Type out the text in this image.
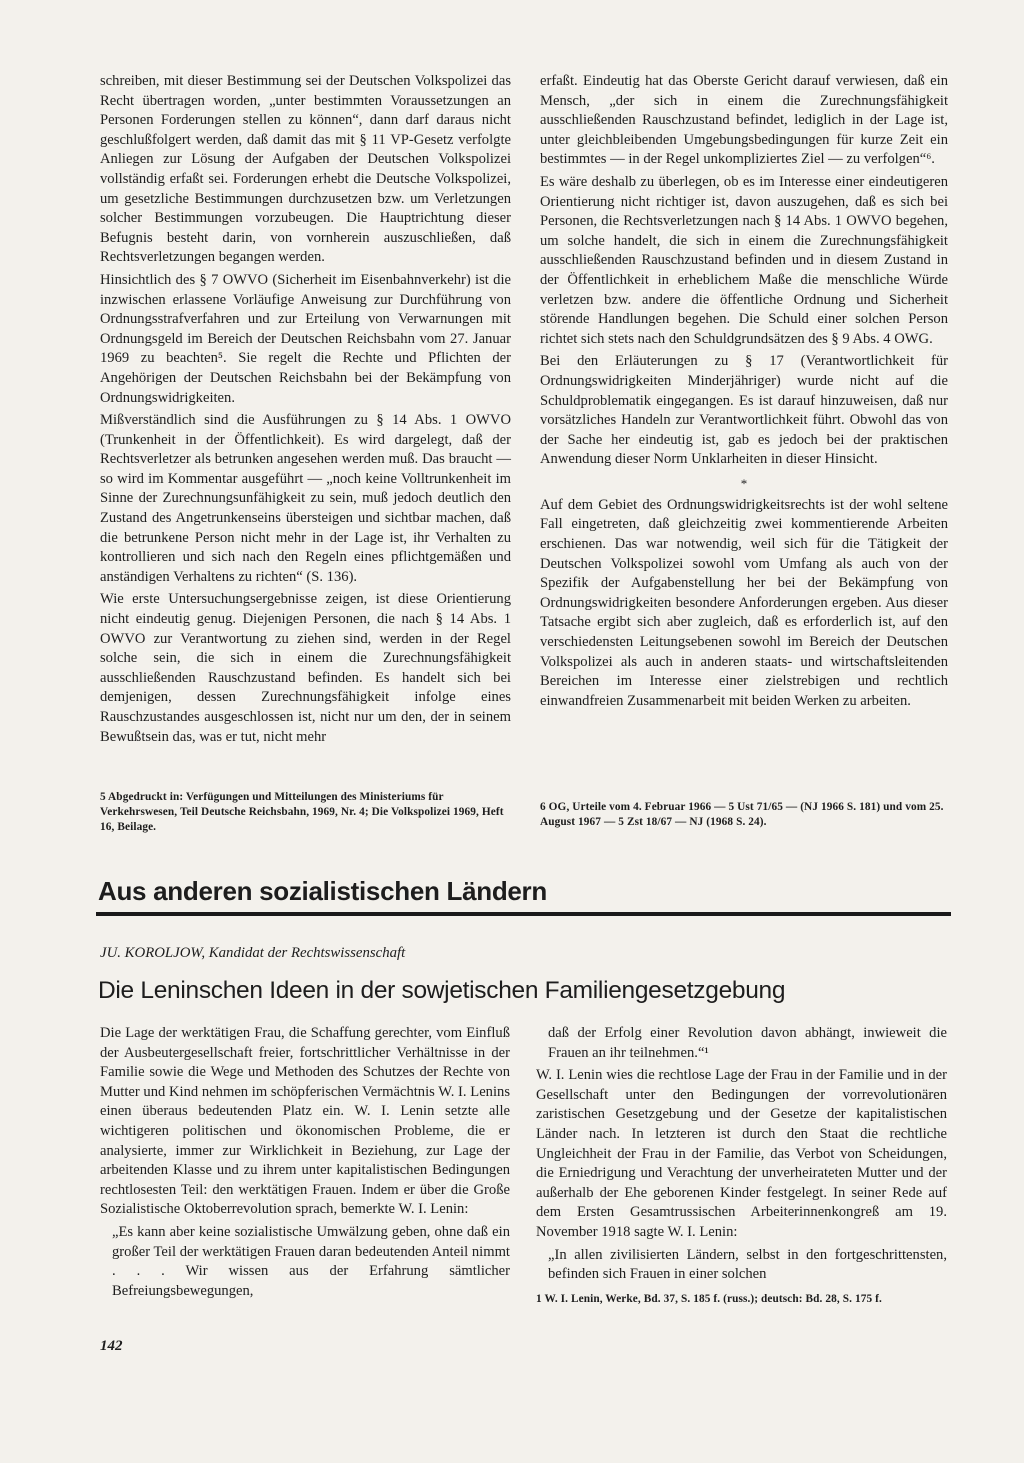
schreiben, mit dieser Bestimmung sei der Deutschen Volkspolizei das Recht übertragen worden, „unter bestimmten Voraussetzungen an Personen Forderungen stellen zu können“, dann darf daraus nicht geschlußfolgert werden, daß damit das mit § 11 VP-Gesetz verfolgte Anliegen zur Lösung der Aufgaben der Deutschen Volkspolizei vollständig erfaßt sei. Forderungen erhebt die Deutsche Volkspolizei, um gesetzliche Bestimmungen durchzusetzen bzw. um Verletzungen solcher Bestimmungen vorzubeugen. Die Hauptrichtung dieser Befugnis besteht darin, von vornherein auszuschließen, daß Rechtsverletzungen begangen werden.

Hinsichtlich des § 7 OWVO (Sicherheit im Eisenbahnverkehr) ist die inzwischen erlassene Vorläufige Anweisung zur Durchführung von Ordnungsstrafverfahren und zur Erteilung von Verwarnungen mit Ordnungsgeld im Bereich der Deutschen Reichsbahn vom 27. Januar 1969 zu beachten⁵. Sie regelt die Rechte und Pflichten der Angehörigen der Deutschen Reichsbahn bei der Bekämpfung von Ordnungswidrigkeiten.

Mißverständlich sind die Ausführungen zu § 14 Abs. 1 OWVO (Trunkenheit in der Öffentlichkeit). Es wird dargelegt, daß der Rechtsverletzer als betrunken angesehen werden muß. Das braucht — so wird im Kommentar ausgeführt — „noch keine Volltrunkenheit im Sinne der Zurechnungsunfähigkeit zu sein, muß jedoch deutlich den Zustand des Angetrunkenseins übersteigen und sichtbar machen, daß die betrunkene Person nicht mehr in der Lage ist, ihr Verhalten zu kontrollieren und sich nach den Regeln eines pflichtgemäßen und anständigen Verhaltens zu richten“ (S. 136).

Wie erste Untersuchungsergebnisse zeigen, ist diese Orientierung nicht eindeutig genug. Diejenigen Personen, die nach § 14 Abs. 1 OWVO zur Verantwortung zu ziehen sind, werden in der Regel solche sein, die sich in einem die Zurechnungsfähigkeit ausschließenden Rauschzustand befinden. Es handelt sich bei demjenigen, dessen Zurechnungsfähigkeit infolge eines Rauschzustandes ausgeschlossen ist, nicht nur um den, der in seinem Bewußtsein das, was er tut, nicht mehr

5 Abgedruckt in: Verfügungen und Mitteilungen des Ministeriums für Verkehrswesen, Teil Deutsche Reichsbahn, 1969, Nr. 4; Die Volkspolizei 1969, Heft 16, Beilage.

erfaßt. Eindeutig hat das Oberste Gericht darauf verwiesen, daß ein Mensch, „der sich in einem die Zurechnungsfähigkeit ausschließenden Rauschzustand befindet, lediglich in der Lage ist, unter gleichbleibenden Umgebungsbedingungen für kurze Zeit ein bestimmtes — in der Regel unkompliziertes Ziel — zu verfolgen“⁶.

Es wäre deshalb zu überlegen, ob es im Interesse einer eindeutigeren Orientierung nicht richtiger ist, davon auszugehen, daß es sich bei Personen, die Rechtsverletzungen nach § 14 Abs. 1 OWVO begehen, um solche handelt, die sich in einem die Zurechnungsfähigkeit ausschließenden Rauschzustand befinden und in diesem Zustand in der Öffentlichkeit in erheblichem Maße die menschliche Würde verletzen bzw. andere die öffentliche Ordnung und Sicherheit störende Handlungen begehen. Die Schuld einer solchen Person richtet sich stets nach den Schuldgrundsätzen des § 9 Abs. 4 OWG.

Bei den Erläuterungen zu § 17 (Verantwortlichkeit für Ordnungswidrigkeiten Minderjähriger) wurde nicht auf die Schuldproblematik eingegangen. Es ist darauf hinzuweisen, daß nur vorsätzliches Handeln zur Verantwortlichkeit führt. Obwohl das von der Sache her eindeutig ist, gab es jedoch bei der praktischen Anwendung dieser Norm Unklarheiten in dieser Hinsicht.

*

Auf dem Gebiet des Ordnungswidrigkeitsrechts ist der wohl seltene Fall eingetreten, daß gleichzeitig zwei kommentierende Arbeiten erschienen. Das war notwendig, weil sich für die Tätigkeit der Deutschen Volkspolizei sowohl vom Umfang als auch von der Spezifik der Aufgabenstellung her bei der Bekämpfung von Ordnungswidrigkeiten besondere Anforderungen ergeben. Aus dieser Tatsache ergibt sich aber zugleich, daß es erforderlich ist, auf den verschiedensten Leitungsebenen sowohl im Bereich der Deutschen Volkspolizei als auch in anderen staats- und wirtschaftsleitenden Bereichen im Interesse einer zielstrebigen und rechtlich einwandfreien Zusammenarbeit mit beiden Werken zu arbeiten.

6 OG, Urteile vom 4. Februar 1966 — 5 Ust 71/65 — (NJ 1966 S. 181) und vom 25. August 1967 — 5 Zst 18/67 — NJ (1968 S. 24).
Aus anderen sozialistischen Ländern
JU. KOROLJOW, Kandidat der Rechtswissenschaft
Die Leninschen Ideen in der sowjetischen Familiengesetzgebung

Die Lage der werktätigen Frau, die Schaffung gerechter, vom Einfluß der Ausbeutergesellschaft freier, fortschrittlicher Verhältnisse in der Familie sowie die Wege und Methoden des Schutzes der Rechte von Mutter und Kind nehmen im schöpferischen Vermächtnis W. I. Lenins einen überaus bedeutenden Platz ein. W. I. Lenin setzte alle wichtigeren politischen und ökonomischen Probleme, die er analysierte, immer zur Wirklichkeit in Beziehung, zur Lage der arbeitenden Klasse und zu ihrem unter kapitalistischen Bedingungen rechtlosesten Teil: den werktätigen Frauen. Indem er über die Große Sozialistische Oktoberrevolution sprach, bemerkte W. I. Lenin:

„Es kann aber keine sozialistische Umwälzung geben, ohne daß ein großer Teil der werktätigen Frauen daran bedeutenden Anteil nimmt . . . Wir wissen aus der Erfahrung sämtlicher Befreiungsbewegungen,

daß der Erfolg einer Revolution davon abhängt, inwieweit die Frauen an ihr teilnehmen.“¹

W. I. Lenin wies die rechtlose Lage der Frau in der Familie und in der Gesellschaft unter den Bedingungen der vorrevolutionären zaristischen Gesetzgebung und der Gesetze der kapitalistischen Länder nach. In letzteren ist durch den Staat die rechtliche Ungleichheit der Frau in der Familie, das Verbot von Scheidungen, die Erniedrigung und Verachtung der unverheirateten Mutter und der außerhalb der Ehe geborenen Kinder festgelegt. In seiner Rede auf dem Ersten Gesamtrussischen Arbeiterinnenkongreß am 19. November 1918 sagte W. I. Lenin:

„In allen zivilisierten Ländern, selbst in den fortgeschrittensten, befinden sich Frauen in einer solchen

1 W. I. Lenin, Werke, Bd. 37, S. 185 f. (russ.); deutsch: Bd. 28, S. 175 f.
142
